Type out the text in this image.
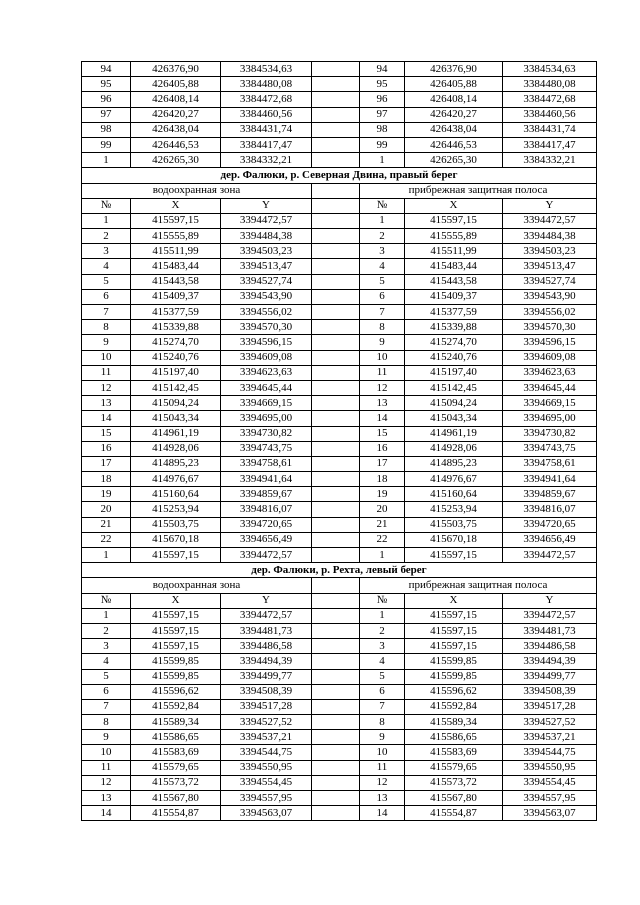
94	426376,90	3384534,63		94	426376,90	3384534,63
95	426405,88	3384480,08		95	426405,88	3384480,08
96	426408,14	3384472,68		96	426408,14	3384472,68
97	426420,27	3384460,56		97	426420,27	3384460,56
98	426438,04	3384431,74		98	426438,04	3384431,74
99	426446,53	3384417,47		99	426446,53	3384417,47
1	426265,30	3384332,21		1	426265,30	3384332,21
дер. Фалюки, р. Северная Двина, правый берег						
водоохранная зона				прибрежная защитная полоса		
№	X	Y		№	X	Y
1	415597,15	3394472,57		1	415597,15	3394472,57
2	415555,89	3394484,38		2	415555,89	3394484,38
3	415511,99	3394503,23		3	415511,99	3394503,23
4	415483,44	3394513,47		4	415483,44	3394513,47
5	415443,58	3394527,74		5	415443,58	3394527,74
6	415409,37	3394543,90		6	415409,37	3394543,90
7	415377,59	3394556,02		7	415377,59	3394556,02
8	415339,88	3394570,30		8	415339,88	3394570,30
9	415274,70	3394596,15		9	415274,70	3394596,15
10	415240,76	3394609,08		10	415240,76	3394609,08
11	415197,40	3394623,63		11	415197,40	3394623,63
12	415142,45	3394645,44		12	415142,45	3394645,44
13	415094,24	3394669,15		13	415094,24	3394669,15
14	415043,34	3394695,00		14	415043,34	3394695,00
15	414961,19	3394730,82		15	414961,19	3394730,82
16	414928,06	3394743,75		16	414928,06	3394743,75
17	414895,23	3394758,61		17	414895,23	3394758,61
18	414976,67	3394941,64		18	414976,67	3394941,64
19	415160,64	3394859,67		19	415160,64	3394859,67
20	415253,94	3394816,07		20	415253,94	3394816,07
21	415503,75	3394720,65		21	415503,75	3394720,65
22	415670,18	3394656,49		22	415670,18	3394656,49
1	415597,15	3394472,57		1	415597,15	3394472,57
дер. Фалюки, р. Рехта, левый берег						
водоохранная зона				прибрежная защитная полоса		
№	X	Y		№	X	Y
1	415597,15	3394472,57		1	415597,15	3394472,57
2	415597,15	3394481,73		2	415597,15	3394481,73
3	415597,15	3394486,58		3	415597,15	3394486,58
4	415599,85	3394494,39		4	415599,85	3394494,39
5	415599,85	3394499,77		5	415599,85	3394499,77
6	415596,62	3394508,39		6	415596,62	3394508,39
7	415592,84	3394517,28		7	415592,84	3394517,28
8	415589,34	3394527,52		8	415589,34	3394527,52
9	415586,65	3394537,21		9	415586,65	3394537,21
10	415583,69	3394544,75		10	415583,69	3394544,75
11	415579,65	3394550,95		11	415579,65	3394550,95
12	415573,72	3394554,45		12	415573,72	3394554,45
13	415567,80	3394557,95		13	415567,80	3394557,95
14	415554,87	3394563,07		14	415554,87	3394563,07
